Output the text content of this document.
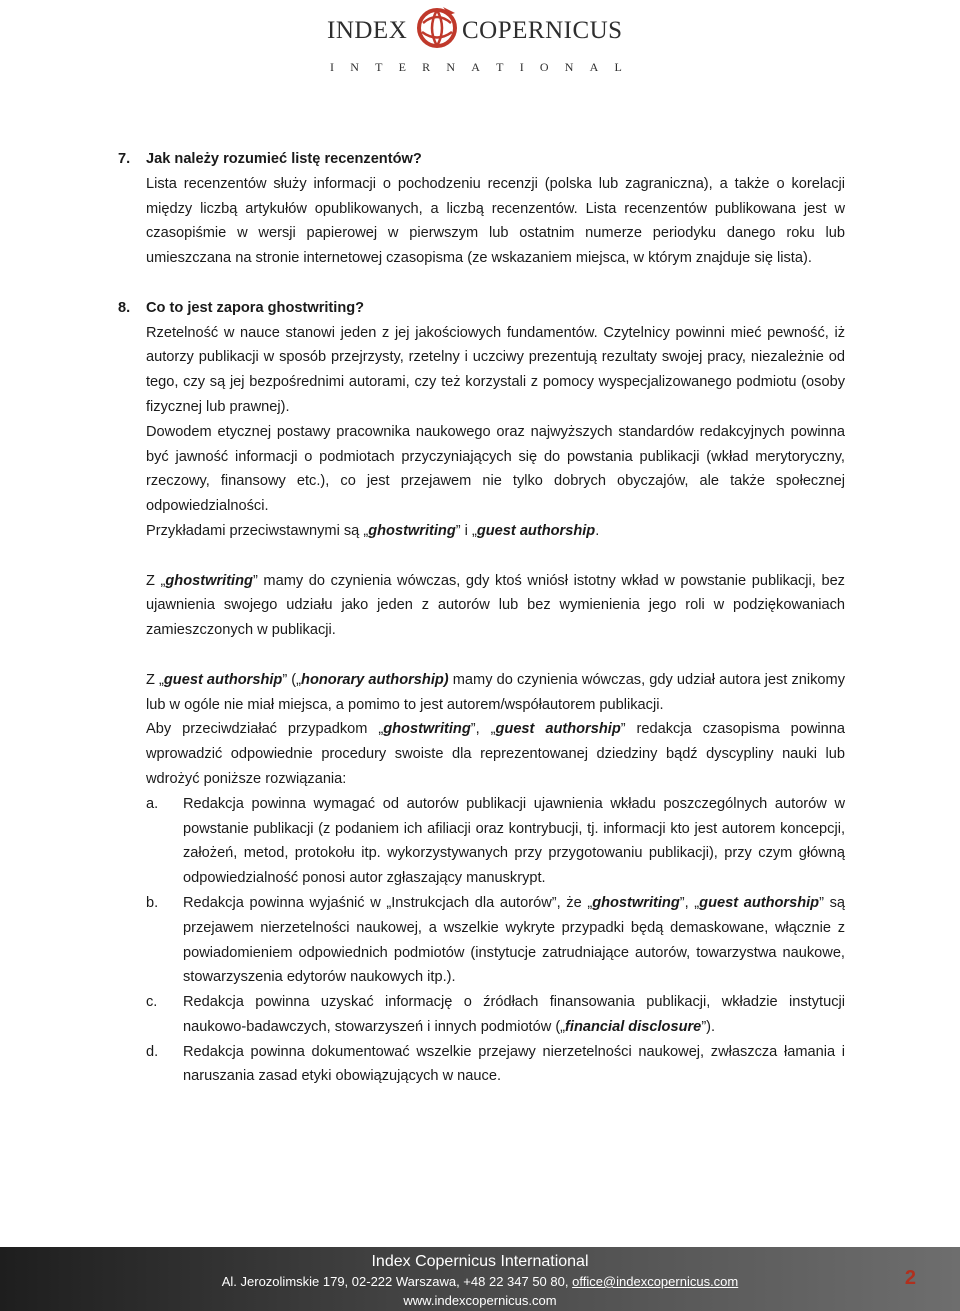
INDEX COPERNICUS
I N T E R N A T I O N A L
7.	Jak należy rozumieć listę recenzentów?

Lista recenzentów służy informacji o pochodzeniu recenzji (polska lub zagraniczna), a także o korelacji między liczbą artykułów opublikowanych, a liczbą recenzentów. Lista recenzentów publikowana jest w czasopiśmie w wersji papierowej w pierwszym lub ostatnim numerze periodyku danego roku lub umieszczana na stronie internetowej czasopisma (ze wskazaniem miejsca, w którym znajduje się lista).

8.	Co to jest zapora ghostwriting?

Rzetelność w nauce stanowi jeden z jej jakościowych fundamentów. Czytelnicy powinni mieć pewność, iż autorzy publikacji w sposób przejrzysty, rzetelny i uczciwy prezentują rezultaty swojej pracy, niezależnie od tego, czy są jej bezpośrednimi autorami, czy też korzystali z pomocy wyspecjalizowanego podmiotu (osoby fizycznej lub prawnej).

Dowodem etycznej postawy pracownika naukowego oraz najwyższych standardów redakcyjnych powinna być jawność informacji o podmiotach przyczyniających się do powstania publikacji (wkład merytoryczny, rzeczowy, finansowy etc.), co jest przejawem nie tylko dobrych obyczajów, ale także społecznej odpowiedzialności.

Przykładami przeciwstawnymi są „ghostwriting” i „guest authorship.

Z „ghostwriting” mamy do czynienia wówczas, gdy ktoś wniósł istotny wkład w powstanie publikacji, bez ujawnienia swojego udziału jako jeden z autorów lub bez wymienienia jego roli w podziękowaniach zamieszczonych w publikacji.

Z „guest authorship” („honorary authorship) mamy do czynienia wówczas, gdy udział autora jest znikomy lub w ogóle nie miał miejsca, a pomimo to jest autorem/współautorem publikacji.

Aby przeciwdziałać przypadkom „ghostwriting”, „guest authorship” redakcja czasopisma powinna wprowadzić odpowiednie procedury swoiste dla reprezentowanej dziedziny bądź dyscypliny nauki lub wdrożyć poniższe rozwiązania:

a.	Redakcja powinna wymagać od autorów publikacji ujawnienia wkładu poszczególnych autorów w powstanie publikacji (z podaniem ich afiliacji oraz kontrybucji, tj. informacji kto jest autorem koncepcji, założeń, metod, protokołu itp. wykorzystywanych przy przygotowaniu publikacji), przy czym główną odpowiedzialność ponosi autor zgłaszający manuskrypt.

b.	Redakcja powinna wyjaśnić w „Instrukcjach dla autorów”, że „ghostwriting”, „guest authorship” są przejawem nierzetelności naukowej, a wszelkie wykryte przypadki będą demaskowane, włącznie z powiadomieniem odpowiednich podmiotów (instytucje zatrudniające autorów, towarzystwa naukowe, stowarzyszenia edytorów naukowych itp.).

c.	Redakcja powinna uzyskać informację o źródłach finansowania publikacji, wkładzie instytucji naukowo-badawczych, stowarzyszeń i innych podmiotów („financial disclosure”).

d.	Redakcja powinna dokumentować wszelkie przejawy nierzetelności naukowej, zwłaszcza łamania i naruszania zasad etyki obowiązujących w nauce.

Index Copernicus International
Al. Jerozolimskie 179, 02-222 Warszawa, +48 22 347 50 80, office@indexcopernicus.com
www.indexcopernicus.com
2
